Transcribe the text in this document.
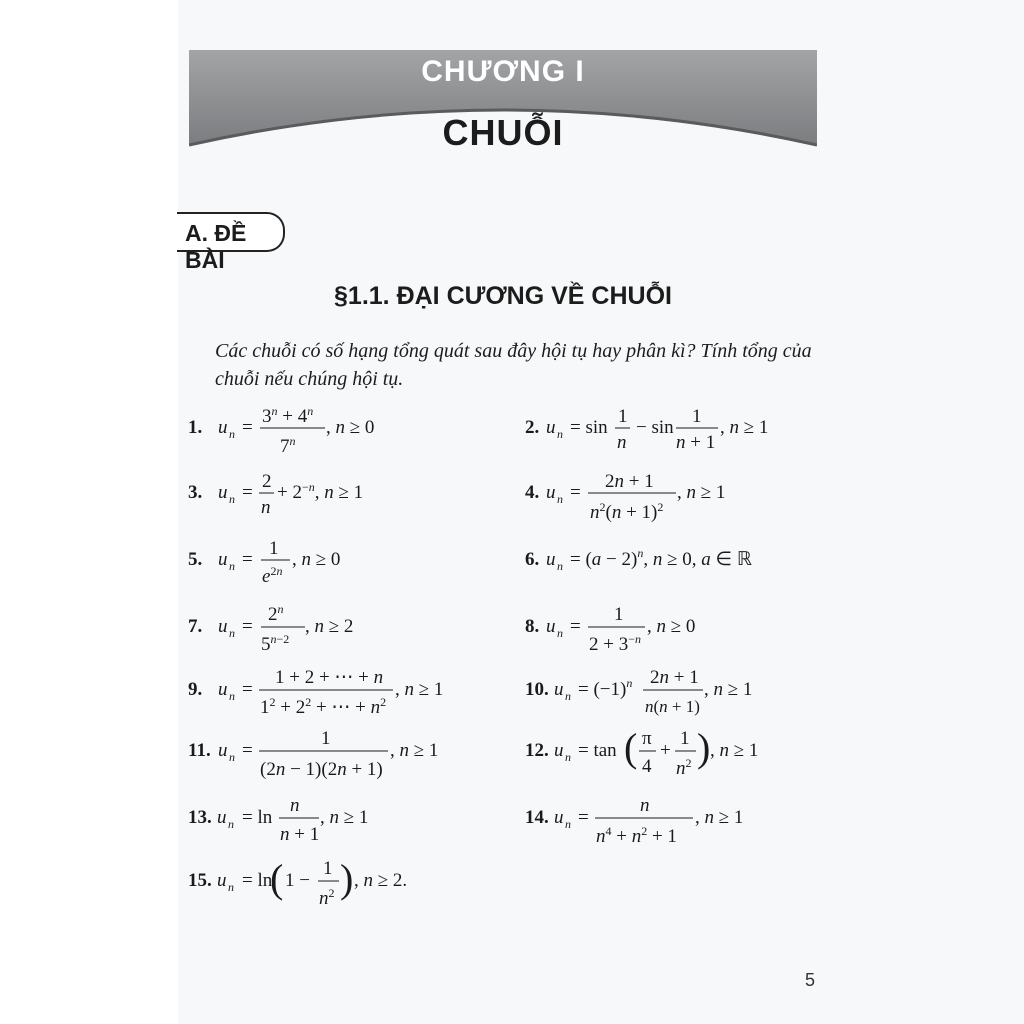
CHƯƠNG I
CHUỖI
A. ĐỀ BÀI
§1.1. ĐẠI CƯƠNG VỀ CHUỖI
Các chuỗi có số hạng tổng quát sau đây hội tụ hay phân kì? Tính tổng của chuỗi nếu chúng hội tụ.
1. u n =
$3^n + 4^n$
7$^n$
, n ≥ 0	2. u n = sin
1
n
− sin
1
n + 1
, n ≥ 1
3. u n =
2
n
+ 2−n, n ≥ 1	4. u n =
2n + 1
$n^2(n + 1)^2$
, n ≥ 1
5. u n =
1
$e^2n$
, n ≥ 0	6. u $n = (a - 2)^n$, n ≥ 0, a ∈ ℝ
7. u n =
$2^n$
$5^{n-2}$
, n ≥ 2	8. u n =
1
$2 + 3^{-n}$
, n ≥ 0
9. u n =
1 + 2 + ⋯ + n
$1^2 + 2^2$ + ⋯ + $n^2$
, n ≥ 1	10. u $n = (-1)^n$ 2n + 1
n(n + 1)
, n ≥ 1
11. u n =
1
(2n − 1)(2n + 1)
, n ≥ 1	12. u n = tan ( π
4
+
1
$n^2$ ) , n ≥ 1
13. u n = ln
n
n + 1
, n ≥ 1	14. u n =
n
$n^4 + n^2 + 1$
, n ≥ 1
15. u n = ln
( 1 −
1
$n^2$ ) , n ≥ 2.
5
